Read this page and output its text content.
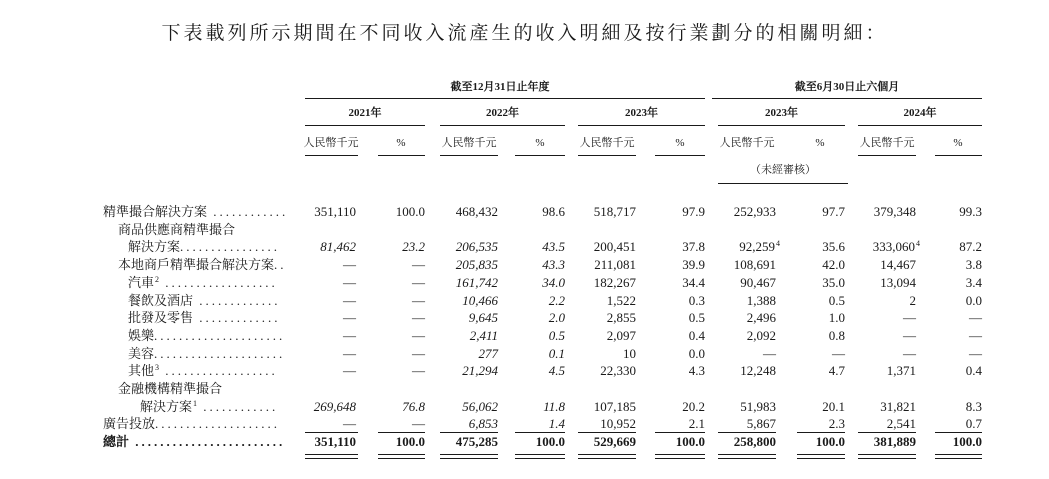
下表載列所示期間在不同收入流產生的收入明細及按行業劃分的相關明細：
截至12月31日止年度	截至6月30日止六個月
2021年	2022年	2023年	2023年	2024年
人民幣千元	%	人民幣千元	%	人民幣千元	%	人民幣千元	%	人民幣千元	%
（未經審核）
精準撮合解決方案 ............ 351,110	100.0 468,432	98.6 518,717	97.9 252,933	97.7 379,348	99.3
商品供應商精準撮合
解決方案................	81,462	23.2 206,535	43.5 200,451	37.8	92,259$^4$	35.6 333,060$^4$	87.2
本地商戶精準撮合解決方案..	—	— 205,835	43.3 211,081	39.9 108,691	42.0	14,467	3.8
汽車$^2$ ..................	—	— 161,742	34.0 182,267	34.4	90,467	35.0	13,094	3.4
餐飲及酒店 .............	—	—	10,466	2.2	1,522	0.3	1,388	0.5	2	0.0
批發及零售 .............	—	—	9,645	2.0	2,855	0.5	2,496	1.0	—	—
娛樂.....................	—	—	2,411	0.5	2,097	0.4	2,092	0.8	—	—
美容.....................	—	—	277	0.1	10	0.0	—	—	—	—
其他$^3$ ..................	—	—	21,294	4.5	22,330	4.3	12,248	4.7	1,371	0.4
金融機構精準撮合
解決方案$^1$ ............	269,648	76.8	56,062	11.8 107,185	20.2	51,983	20.1	31,821	8.3
廣告投放....................	—	—	6,853	1.4	10,952	2.1	5,867	2.3	2,541	0.7
總計 ........................ 351,110	100.0 475,285	100.0 529,669	100.0 258,800	100.0 381,889	100.0
